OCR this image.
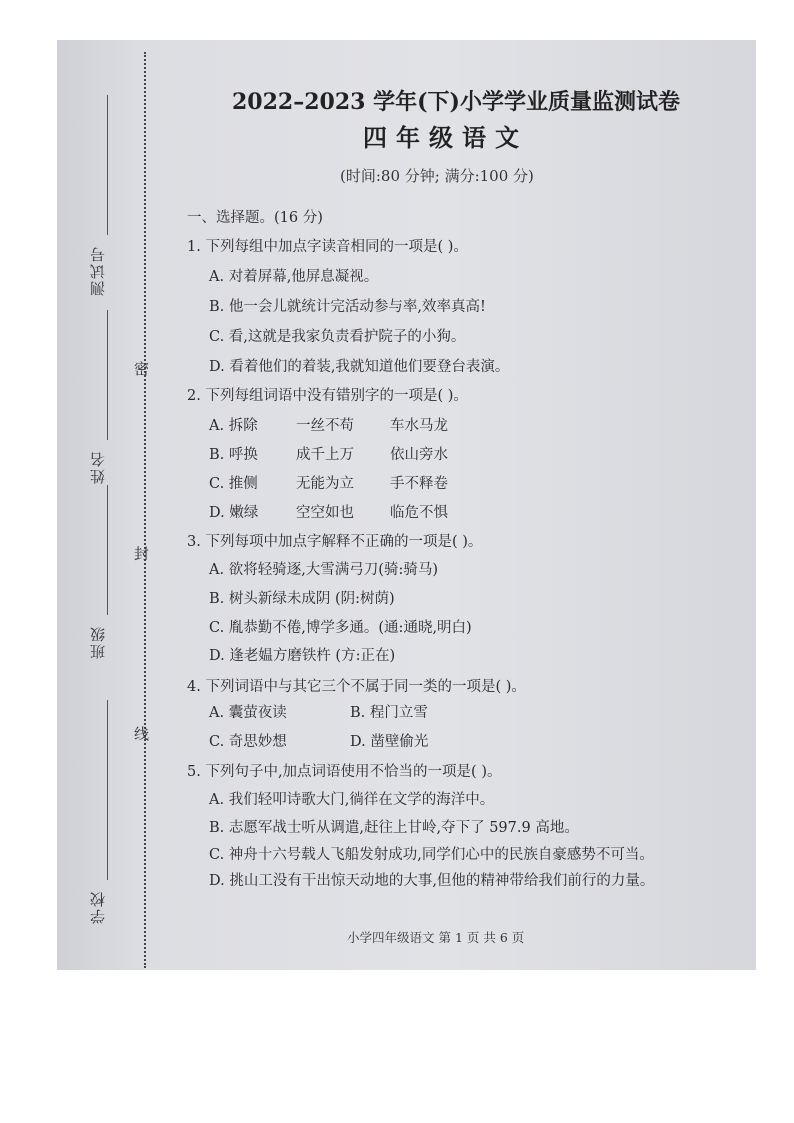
测试号
姓名
班级
学校
密
封
线
2022–2023 学年(下)小学学业质量监测试卷
四年级语文
(时间:80 分钟; 满分:100 分)
一、选择题。(16 分)
1. 下列每组中加点字读音相同的一项是( )。
A. 对着屏幕,他屏息凝视。
B. 他一会儿就统计完活动参与率,效率真高!
C. 看,这就是我家负责看护院子的小狗。
D. 看着他们的着装,我就知道他们要登台表演。
2. 下列每组词语中没有错别字的一项是( )。
A. 拆除	一丝不苟 车水马龙
B. 呼换	成千上万 依山旁水
C. 推侧	无能为立 手不释卷
D. 嫩绿	空空如也 临危不惧
3. 下列每项中加点字解释不正确的一项是( )。
A. 欲将轻骑逐,大雪满弓刀(骑:骑马)
B. 树头新绿未成阴 (阴:树荫)
C. 胤恭勤不倦,博学多通。(通:通晓,明白)
D. 逢老媪方磨铁杵 (方:正在)
4. 下列词语中与其它三个不属于同一类的一项是( )。
A. 囊萤夜读	B. 程门立雪
C. 奇思妙想	D. 凿壁偷光
5. 下列句子中,加点词语使用不恰当的一项是( )。
A. 我们轻叩诗歌大门,徜徉在文学的海洋中。
B. 志愿军战士听从调遣,赶往上甘岭,夺下了 597.9 高地。
C. 神舟十六号载人飞船发射成功,同学们心中的民族自豪感势不可当。
D. 挑山工没有干出惊天动地的大事,但他的精神带给我们前行的力量。
小学四年级语文 第 1 页 共 6 页
